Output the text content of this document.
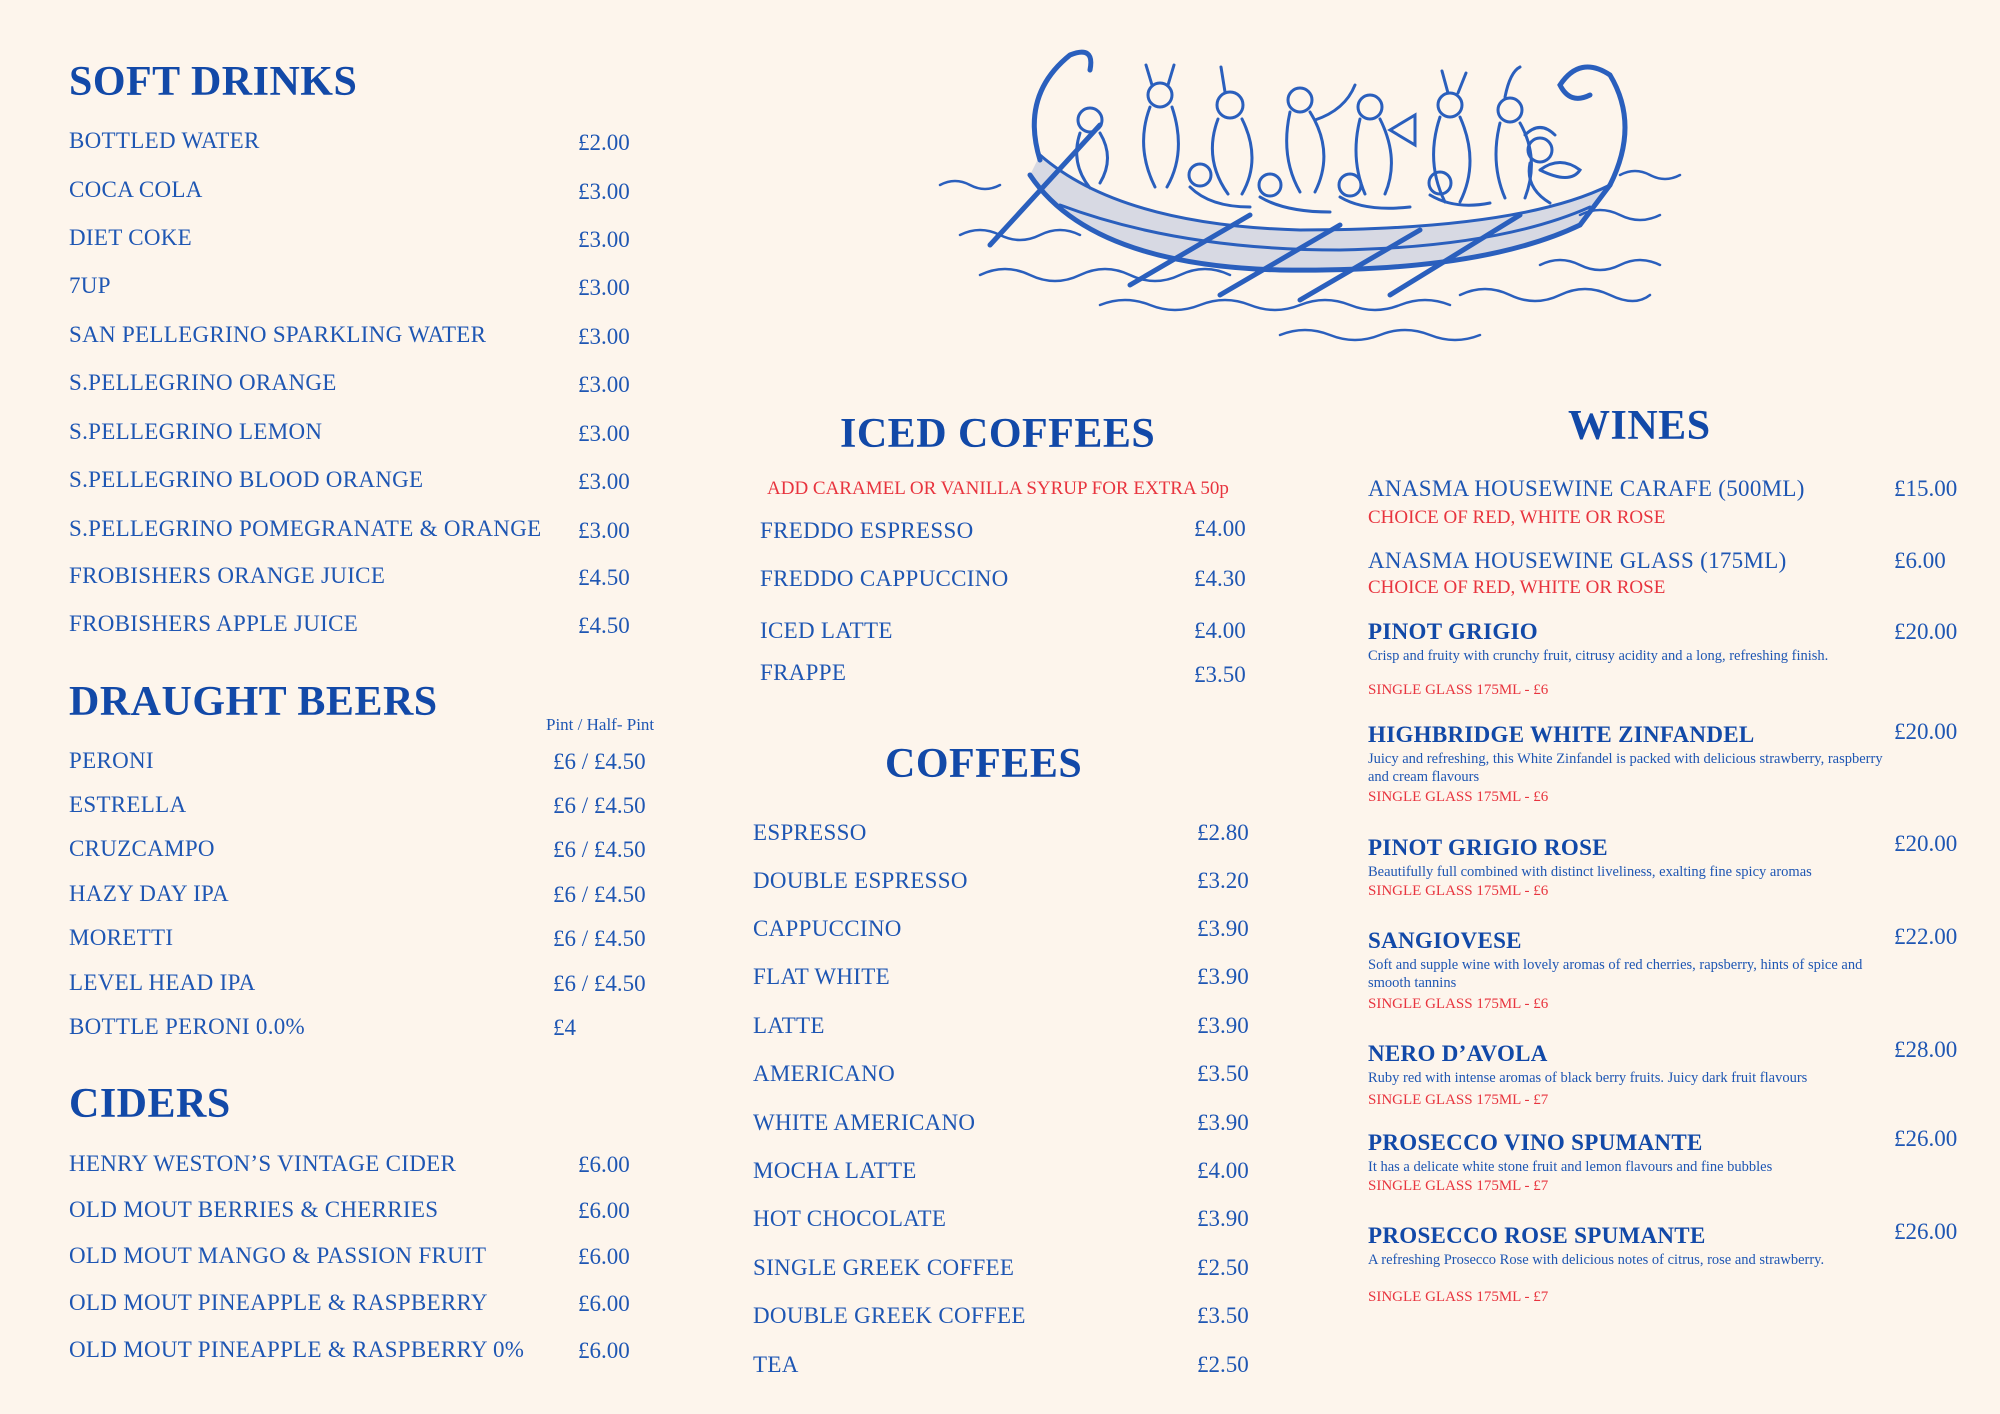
SOFT DRINKS
BOTTLED WATER	£2.00
COCA COLA	£3.00
DIET COKE	£3.00
7UP	£3.00
SAN PELLEGRINO SPARKLING WATER	£3.00
S.PELLEGRINO ORANGE	£3.00
S.PELLEGRINO LEMON	£3.00
S.PELLEGRINO BLOOD ORANGE	£3.00
S.PELLEGRINO POMEGRANATE & ORANGE £3.00
FROBISHERS ORANGE JUICE	£4.50
FROBISHERS APPLE JUICE	£4.50
DRAUGHT BEERS	Pint / Half- Pint
PERONI	£6 / £4.50
ESTRELLA	£6 / £4.50
CRUZCAMPO	£6 / £4.50
HAZY DAY IPA	£6 / £4.50
MORETTI	£6 / £4.50
LEVEL HEAD IPA	£6 / £4.50
BOTTLE PERONI 0.0%	£4
CIDERS
HENRY WESTON’S VINTAGE CIDER	£6.00
OLD MOUT BERRIES & CHERRIES	£6.00
OLD MOUT MANGO & PASSION FRUIT	£6.00
OLD MOUT PINEAPPLE & RASPBERRY	£6.00
OLD MOUT PINEAPPLE & RASPBERRY 0% £6.00
ICED COFFEES
ADD CARAMEL OR VANILLA SYRUP FOR EXTRA 50p
FREDDO ESPRESSO	£4.00
FREDDO CAPPUCCINO	£4.30
ICED LATTE	£4.00
FRAPPE	£3.50
COFFEES
ESPRESSO	£2.80
DOUBLE ESPRESSO	£3.20
CAPPUCCINO	£3.90
FLAT WHITE	£3.90
LATTE	£3.90
AMERICANO	£3.50
WHITE AMERICANO	£3.90
MOCHA LATTE	£4.00
HOT CHOCOLATE	£3.90
SINGLE GREEK COFFEE	£2.50
DOUBLE GREEK COFFEE	£3.50
TEA	£2.50
WINES
ANASMA HOUSEWINE CARAFE (500ML)	£15.00
CHOICE OF RED, WHITE OR ROSE
ANASMA HOUSEWINE GLASS (175ML)	£6.00
CHOICE OF RED, WHITE OR ROSE
PINOT GRIGIO	£20.00
Crisp and fruity with crunchy fruit, citrusy acidity and a long, refreshing finish.
SINGLE GLASS 175ML - £6
HIGHBRIDGE WHITE ZINFANDEL	£20.00
Juicy and refreshing, this White Zinfandel is packed with delicious strawberry, raspberry and cream flavours
SINGLE GLASS 175ML - £6
PINOT GRIGIO ROSE	£20.00
Beautifully full combined with distinct liveliness, exalting fine spicy aromas
SINGLE GLASS 175ML - £6
SANGIOVESE	£22.00
Soft and supple wine with lovely aromas of red cherries, rapsberry, hints of spice and smooth tannins
SINGLE GLASS 175ML - £6
NERO D’AVOLA	£28.00
Ruby red with intense aromas of black berry fruits. Juicy dark fruit flavours
SINGLE GLASS 175ML - £7
PROSECCO VINO SPUMANTE	£26.00
It has a delicate white stone fruit and lemon flavours and fine bubbles
SINGLE GLASS 175ML - £7
PROSECCO ROSE SPUMANTE	£26.00
A refreshing Prosecco Rose with delicious notes of citrus, rose and strawberry.
SINGLE GLASS 175ML - £7
